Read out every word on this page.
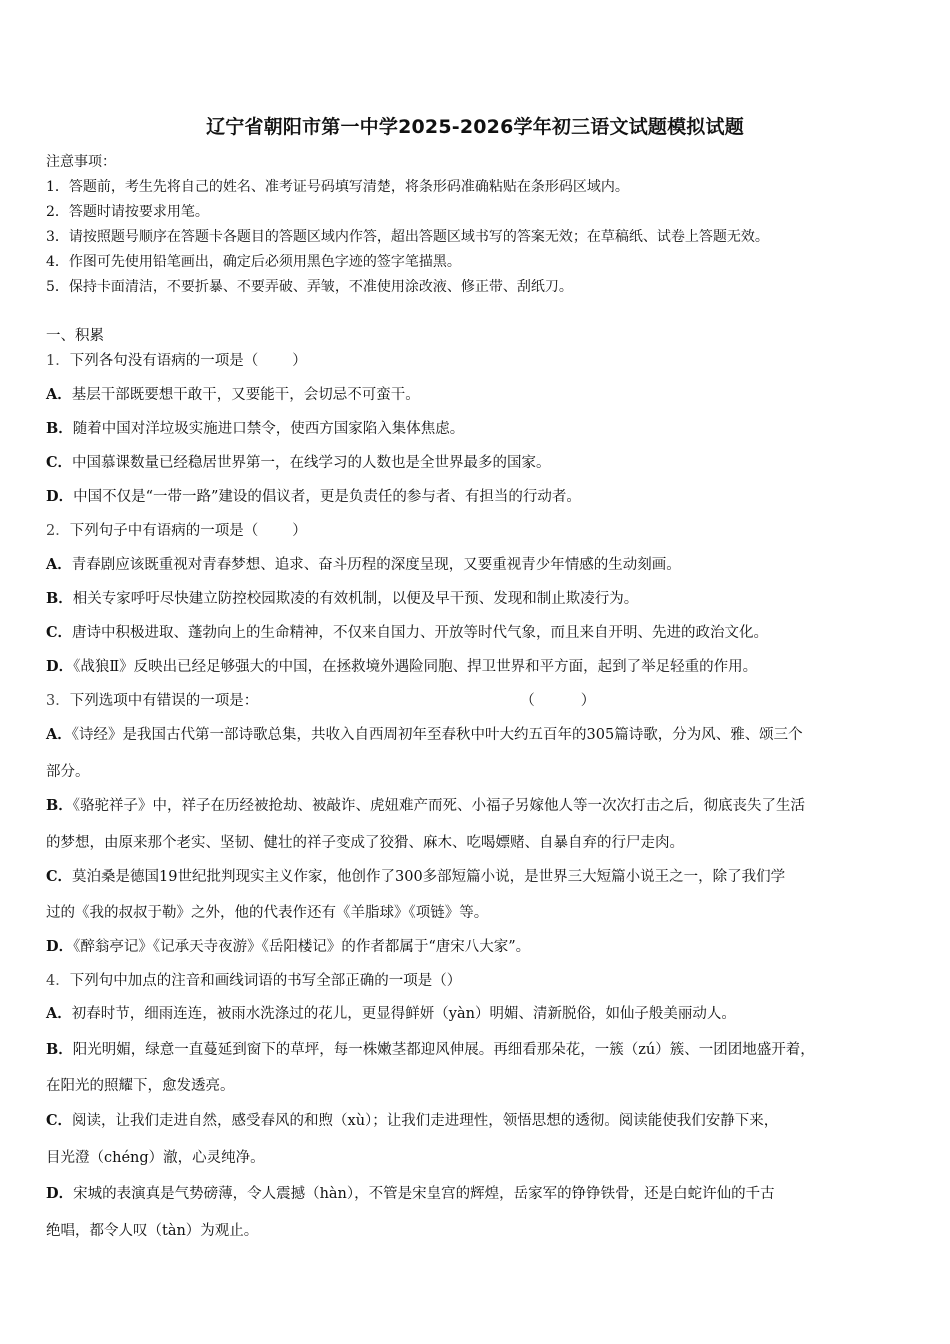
辽宁省朝阳市第一中学2025-2026学年初三语文试题模拟试题
注意事项：
1．答题前，考生先将自己的姓名、准考证号码填写清楚，将条形码准确粘贴在条形码区域内。
2．答题时请按要求用笔。
3．请按照题号顺序在答题卡各题目的答题区域内作答，超出答题区域书写的答案无效；在草稿纸、试卷上答题无效。
4．作图可先使用铅笔画出，确定后必须用黑色字迹的签字笔描黑。
5．保持卡面清洁，不要折暴、不要弄破、弄皱，不准使用涂改液、修正带、刮纸刀。
一、积累
1．下列各句没有语病的一项是（ ）
A．基层干部既要想干敢干，又要能干，会切忌不可蛮干。
B．随着中国对洋垃圾实施进口禁令，使西方国家陷入集体焦虑。
C．中国慕课数量已经稳居世界第一，在线学习的人数也是全世界最多的国家。
D．中国不仅是“一带一路”建设的倡议者，更是负责任的参与者、有担当的行动者。
2．下列句子中有语病的一项是（ ）
A．青春剧应该既重视对青春梦想、追求、奋斗历程的深度呈现，又要重视青少年情感的生动刻画。
B．相关专家呼吁尽快建立防控校园欺凌的有效机制，以便及早干预、发现和制止欺凌行为。
C．唐诗中积极进取、蓬勃向上的生命精神，不仅来自国力、开放等时代气象，而且来自开明、先进的政治文化。
D．《战狼Ⅱ》反映出已经足够强大的中国，在拯救境外遇险同胞、捍卫世界和平方面，起到了举足轻重的作用。
3．下列选项中有错误的一项是：	（	）
A．《诗经》是我国古代第一部诗歌总集，共收入自西周初年至春秋中叶大约五百年的305篇诗歌，分为风、雅、颂三个
部分。
B．《骆驼祥子》中，祥子在历经被抢劫、被敲诈、虎妞难产而死、小福子另嫁他人等一次次打击之后，彻底丧失了生活
的梦想，由原来那个老实、坚韧、健壮的祥子变成了狡猾、麻木、吃喝嫖赌、自暴自弃的行尸走肉。
C．莫泊桑是德国19世纪批判现实主义作家，他创作了300多部短篇小说，是世界三大短篇小说王之一，除了我们学
过的《我的叔叔于勒》之外，他的代表作还有《羊脂球》《项链》等。
D．《醉翁亭记》《记承天寺夜游》《岳阳楼记》的作者都属于“唐宋八大家”。
4．下列句中加点的注音和画线词语的书写全部正确的一项是（）
A．初春时节，细雨连连，被雨水洗涤过的花儿，更显得鲜妍（yàn）明媚、清新脱俗，如仙子般美丽动人。
B．阳光明媚，绿意一直蔓延到窗下的草坪，每一株嫩茎都迎风伸展。再细看那朵花，一簇（zú）簇、一团团地盛开着，
在阳光的照耀下，愈发透亮。
C．阅读，让我们走进自然，感受春风的和煦（xù）；让我们走进理性，领悟思想的透彻。阅读能使我们安静下来，
目光澄（chéng）澈，心灵纯净。
D．宋城的表演真是气势磅薄，令人震撼（hàn），不管是宋皇宫的辉煌，岳家军的铮铮铁骨，还是白蛇许仙的千古
绝唱，都令人叹（tàn）为观止。
